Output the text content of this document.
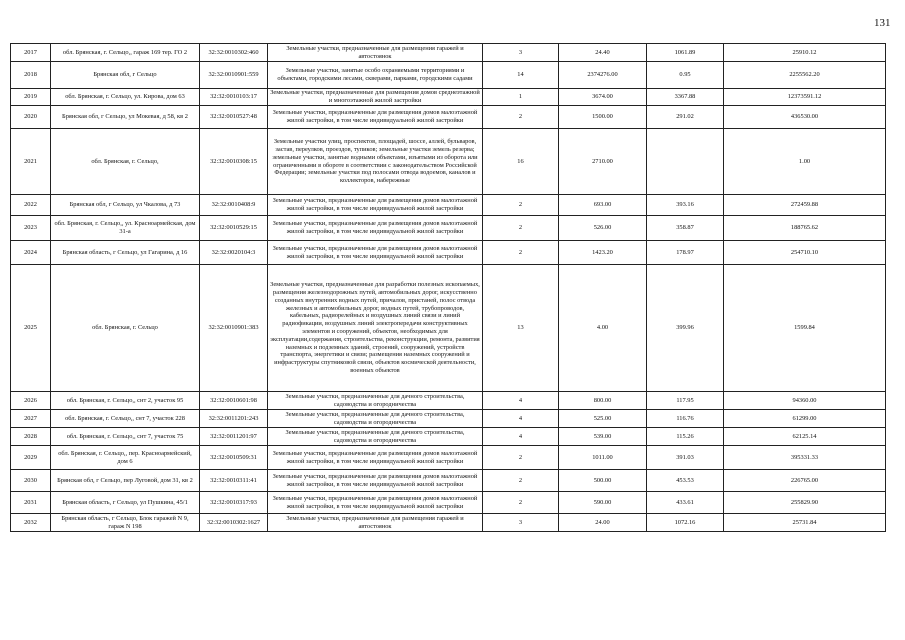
131
2017	обл. Брянская, г. Сельцо,, гараж 169 тер. ГО 2	32:32:0010302:460	Земельные участки, предназначенные для размещения гаражей и автостоянок	3	24.40	1061.89	25910.12
2018	Брянская обл, г Сельцо	32:32:0010901:559	Земельные участки, занятые особо охраняемыми территориями и объектами, городскими лесами, скверами, парками, городскими садами	14	2374276.00	0.95	2255562.20
2019	обл. Брянская, г. Сельцо, ул. Кирова, дом 63	32:32:0010103:17	Земельные участки, предназначенные для размещения домов среднеэтажной и многоэтажной жилой застройки	1	3674.00	3367.88	12373591.12
2020	Брянская обл, г Сельцо, ул Мокевая, д 58, кв 2	32:32:0010527:48	Земельные участки, предназначенные для размещения домов малоэтажной жилой застройки, в том числе индивидуальной жилой застройки	2	1500.00	291.02	436530.00
2021	обл. Брянская, г. Сельцо,	32:32:0010308:15	Земельные участки улиц, проспектов, площадей, шоссе, аллей, бульваров, застав, переулков, проездов, тупиков; земельные участки земель резерва; земельные участки, занятые водными объектами, изъятыми из оборота или ограниченными в обороте в соответствии с законодательством Российской Федерации; земельные участки под полосами отвода водоемов, каналов и коллекторов, набережные	16	2710.00		1.00
2022	Брянская обл, г Сельцо, ул Чкалова, д 73	32:32:0010408:9	Земельные участки, предназначенные для размещения домов малоэтажной жилой застройки, в том числе индивидуальной жилой застройки	2	693.00	393.16	272459.88
2023	обл. Брянская, г. Сельцо,, ул. Красноармейская, дом 31-а	32:32:0010529:15	Земельные участки, предназначенные для размещения домов малоэтажной жилой застройки, в том числе индивидуальной жилой застройки	2	526.00	358.87	188765.62
2024	Брянская область, г Сельцо, ул Гагарина, д 16	32:32:0020104:3	Земельные участки, предназначенные для размещения домов малоэтажной жилой застройки, в том числе индивидуальной жилой застройки	2	1423.20	178.97	254710.10
2025	обл. Брянская, г. Сельцо	32:32:0010901:383	Земельные участки, предназначенные для разработки полезных ископаемых, размещения железнодорожных путей, автомобильных дорог, искусственно созданных внутренних водных путей, причалов, пристаней, полос отвода железных и автомобильных дорог, водных путей, трубопроводов, кабельных, радиорелейных и воздушных линий связи и линий радиофикации, воздушных линий электропередачи конструктивных элементов и сооружений, объектов, необходимых для эксплуатации,содержания, строительства, реконструкции, ремонта, развития наземных и подземных зданий, строений, сооружений, устройств транспорта, энергетики и связи; размещения наземных сооружений и инфраструктуры спутниковой связи, объектов космической деятельности, военных объектов	13	4.00	399.96	1599.84
2026	обл. Брянская, г. Сельцо,, снт 2, участок 95	32:32:0010601:98	Земельные участки, предназначенные для дачного строительства, садоводства и огородничества	4	800.00	117.95	94360.00
2027	обл. Брянская, г. Сельцо,, снт 7, участок 228	32:32:0011201:243	Земельные участки, предназначенные для дачного строительства, садоводства и огородничества	4	525.00	116.76	61299.00
2028	обл. Брянская, г. Сельцо,, снт 7, участок 75	32:32:0011201:97	Земельные участки, предназначенные для дачного строительства, садоводства и огородничества	4	539.00	115.26	62125.14
2029	обл. Брянская, г. Сельцо,, пер. Красноармейский, дом 6	32:32:0010509:31	Земельные участки, предназначенные для размещения домов малоэтажной жилой застройки, в том числе индивидуальной жилой застройки	2	1011.00	391.03	395331.33
2030	Брянская обл, г Сельцо, пер Луговой, дом 31, кв 2	32:32:0010311:41	Земельные участки, предназначенные для размещения домов малоэтажной жилой застройки, в том числе индивидуальной жилой застройки	2	500.00	453.53	226765.00
2031	Брянская область, г Сельцо, ул Пушкина, 45/1	32:32:0010317:93	Земельные участки, предназначенные для размещения домов малоэтажной жилой застройки, в том числе индивидуальной жилой застройки	2	590.00	433.61	255829.90
2032	Брянская область, г Сельцо, Блок гаражей N 9, гараж N 198	32:32:0010302:1627	Земельные участки, предназначенные для размещения гаражей и автостоянок	3	24.00	1072.16	25731.84
